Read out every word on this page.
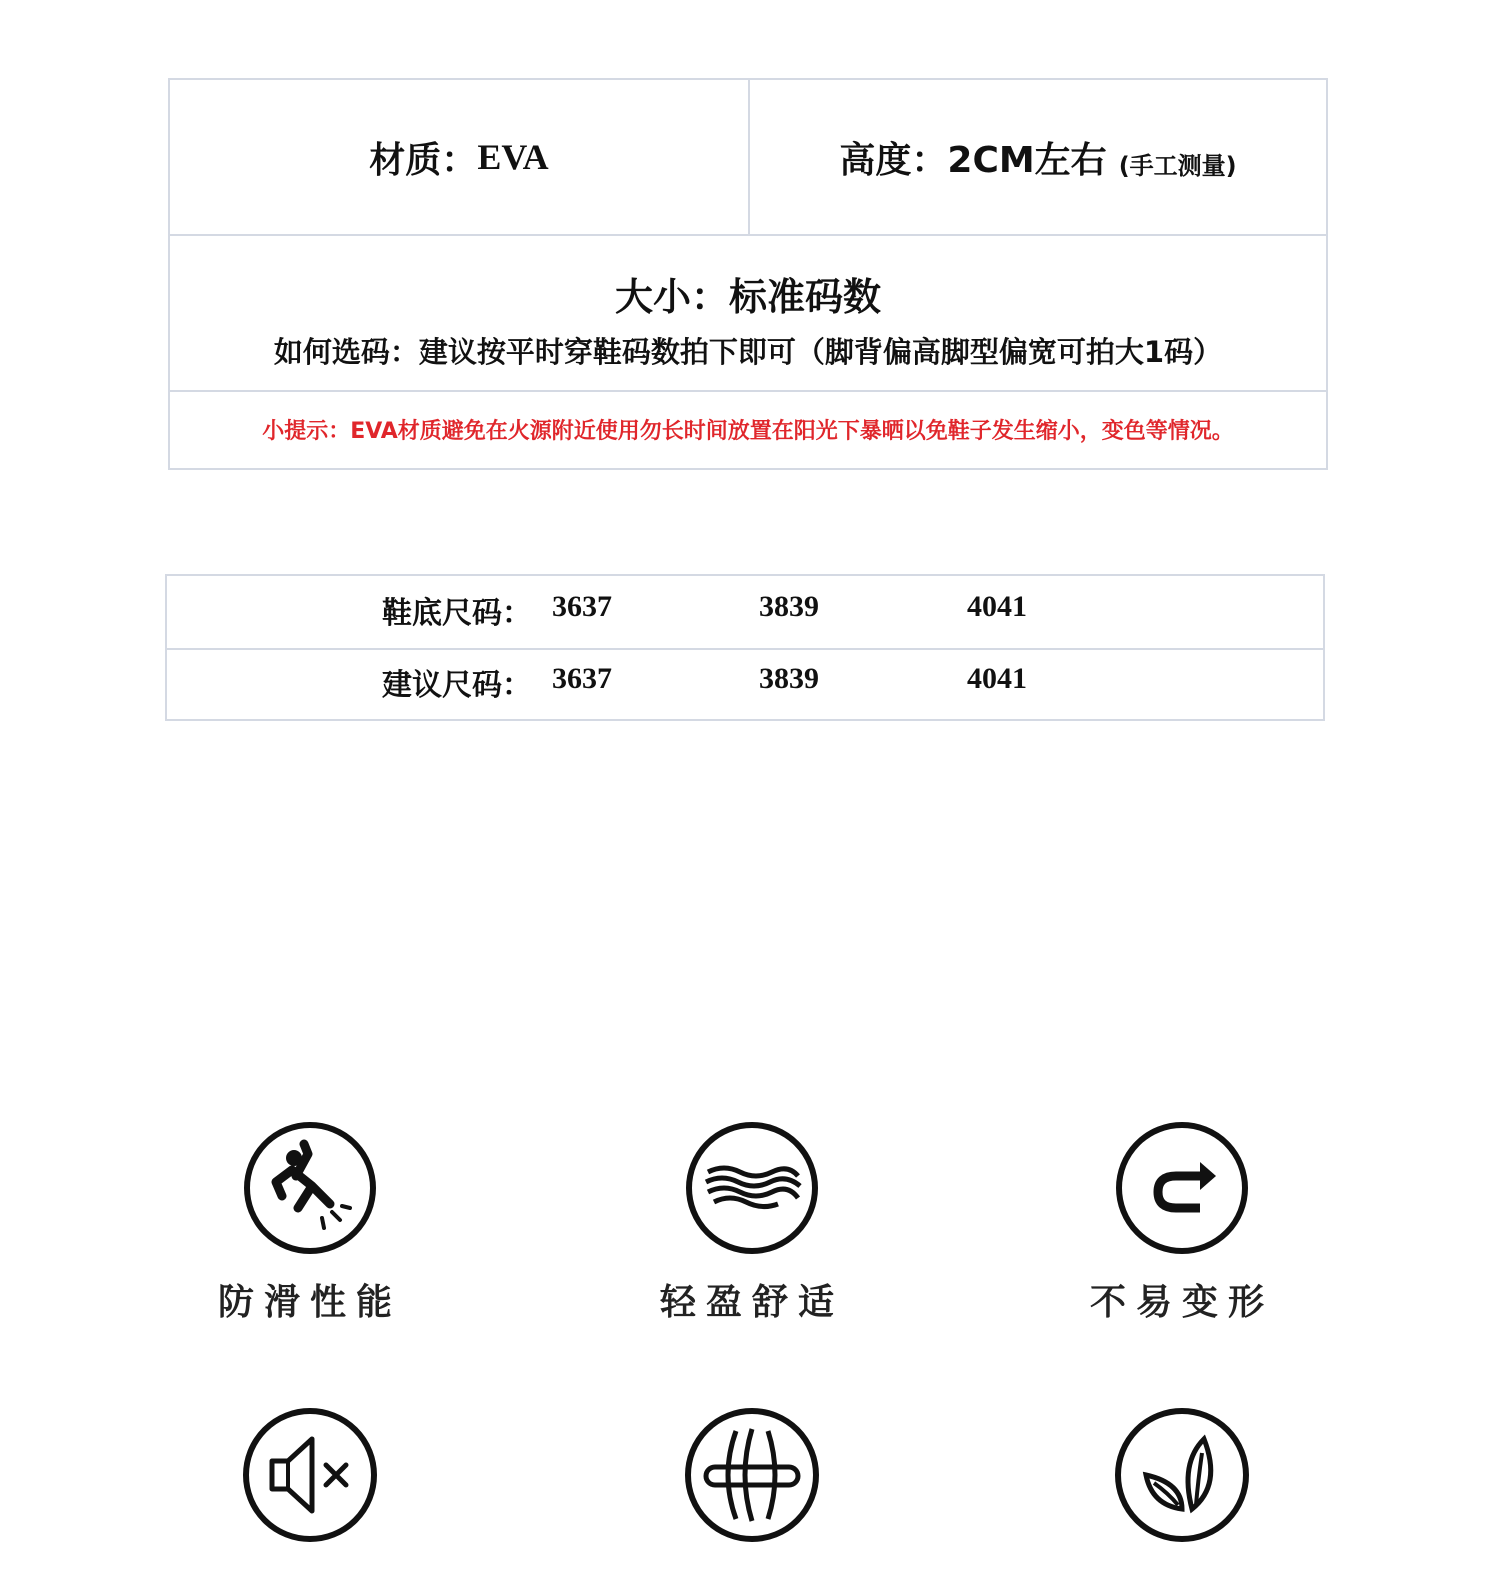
材质： EVA	高度： 2CM左右 (手工测量)
大小：标准码数
如何选码：建议按平时穿鞋码数拍下即可（脚背偏高脚型偏宽可拍大1码）
小提示：EVA材质避免在火源附近使用勿长时间放置在阳光下暴晒以免鞋子发生缩小，变色等情况。
鞋底尺码： 3637	3839	4041
建议尺码： 3637	3839	4041
防滑性能	轻盈舒适	不易变形
